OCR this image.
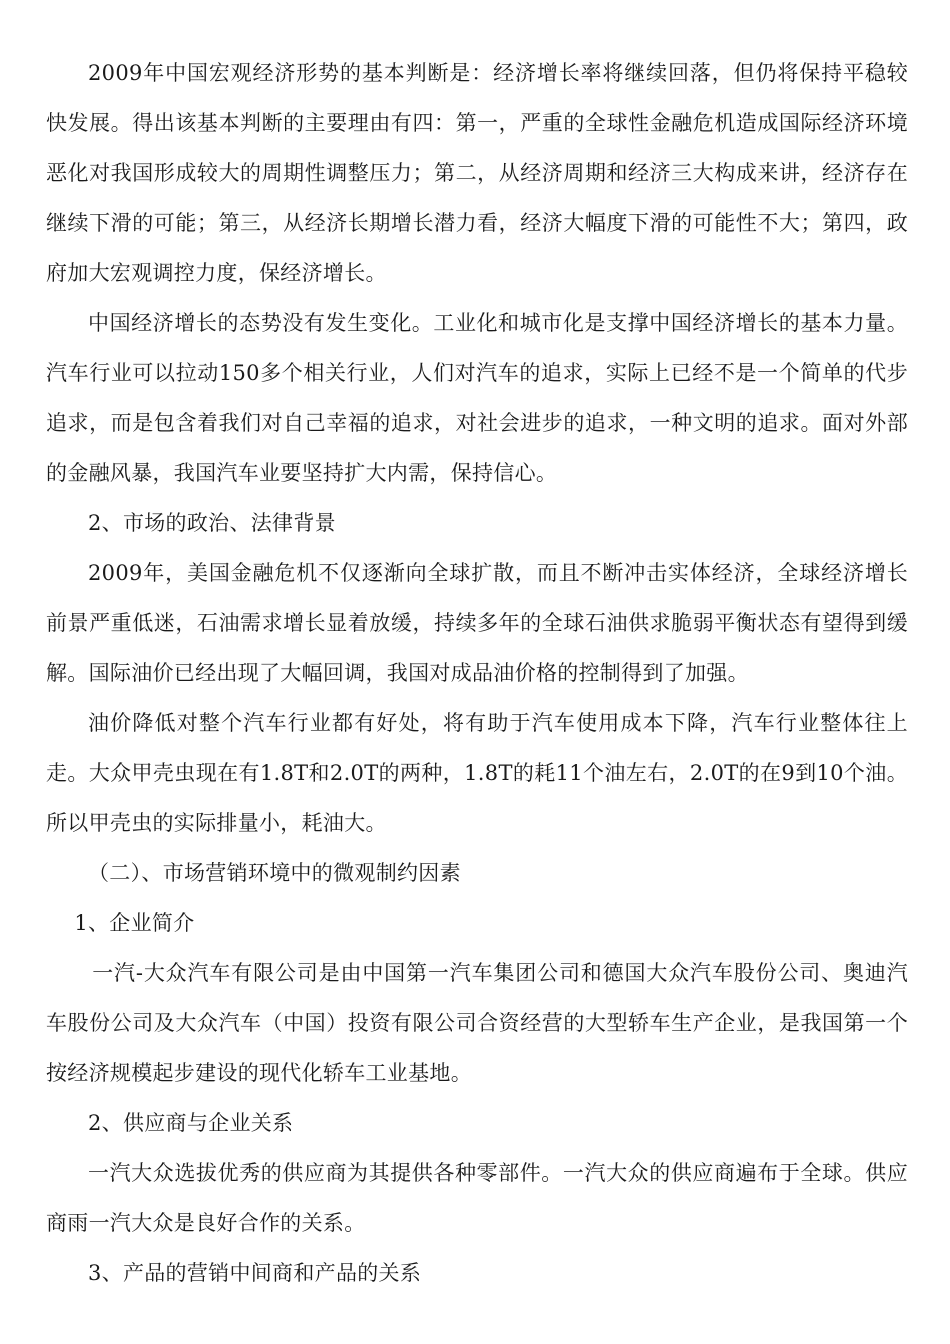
2009年中国宏观经济形势的基本判断是：经济增长率将继续回落，但仍将保持平稳较快发展。得出该基本判断的主要理由有四：第一，严重的全球性金融危机造成国际经济环境恶化对我国形成较大的周期性调整压力；第二，从经济周期和经济三大构成来讲，经济存在继续下滑的可能；第三，从经济长期增长潜力看，经济大幅度下滑的可能性不大；第四，政府加大宏观调控力度，保经济增长。

中国经济增长的态势没有发生变化。工业化和城市化是支撑中国经济增长的基本力量。汽车行业可以拉动150多个相关行业，人们对汽车的追求，实际上已经不是一个简单的代步追求，而是包含着我们对自己幸福的追求，对社会进步的追求，一种文明的追求。面对外部的金融风暴，我国汽车业要坚持扩大内需，保持信心。

2、市场的政治、法律背景

2009年，美国金融危机不仅逐渐向全球扩散，而且不断冲击实体经济，全球经济增长前景严重低迷，石油需求增长显着放缓，持续多年的全球石油供求脆弱平衡状态有望得到缓解。国际油价已经出现了大幅回调，我国对成品油价格的控制得到了加强。

油价降低对整个汽车行业都有好处，将有助于汽车使用成本下降，汽车行业整体往上走。大众甲壳虫现在有1.8T和2.0T的两种，1.8T的耗11个油左右，2.0T的在9到10个油。所以甲壳虫的实际排量小，耗油大。

（二）、市场营销环境中的微观制约因素

1、企业简介

一汽-大众汽车有限公司是由中国第一汽车集团公司和德国大众汽车股份公司、奥迪汽车股份公司及大众汽车（中国）投资有限公司合资经营的大型轿车生产企业，是我国第一个按经济规模起步建设的现代化轿车工业基地。

2、供应商与企业关系

一汽大众选拔优秀的供应商为其提供各种零部件。一汽大众的供应商遍布于全球。供应商雨一汽大众是良好合作的关系。

3、产品的营销中间商和产品的关系
